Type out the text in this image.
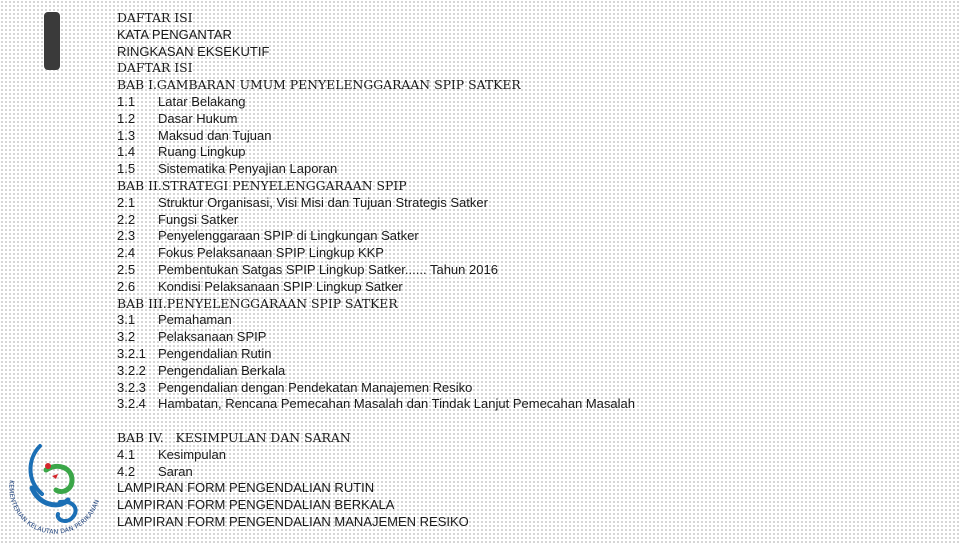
DAFTAR ISI
KATA PENGANTAR
RINGKASAN EKSEKUTIF
DAFTAR ISI
BAB I.GAMBARAN UMUM PENYELENGGARAAN SPIP SATKER
1.1 Latar Belakang
1.2 Dasar Hukum
1.3 Maksud dan Tujuan
1.4 Ruang Lingkup
1.5 Sistematika Penyajian Laporan
BAB II.STRATEGI PENYELENGGARAAN SPIP
2.1 Struktur Organisasi, Visi Misi dan Tujuan Strategis Satker
2.2 Fungsi Satker
2.3 Penyelenggaraan SPIP di Lingkungan Satker
2.4 Fokus Pelaksanaan SPIP Lingkup KKP
2.5 Pembentukan Satgas SPIP Lingkup Satker...... Tahun 2016
2.6 Kondisi Pelaksanaan SPIP Lingkup Satker
BAB III.PENYELENGGARAAN SPIP SATKER
3.1 Pemahaman
3.2 Pelaksanaan SPIP
3.2.1 Pengendalian Rutin
3.2.2 Pengendalian Berkala
3.2.3 Pengendalian dengan Pendekatan Manajemen Resiko
3.2.4 Hambatan, Rencana Pemecahan Masalah dan Tindak Lanjut Pemecahan Masalah
BAB IV.   KESIMPULAN DAN SARAN
4.1 Kesimpulan
4.2 Saran
LAMPIRAN FORM PENGENDALIAN RUTIN
LAMPIRAN FORM PENGENDALIAN BERKALA
LAMPIRAN FORM PENGENDALIAN MANAJEMEN RESIKO
KEMENTERIAN KELAUTAN DAN PERIKANAN
